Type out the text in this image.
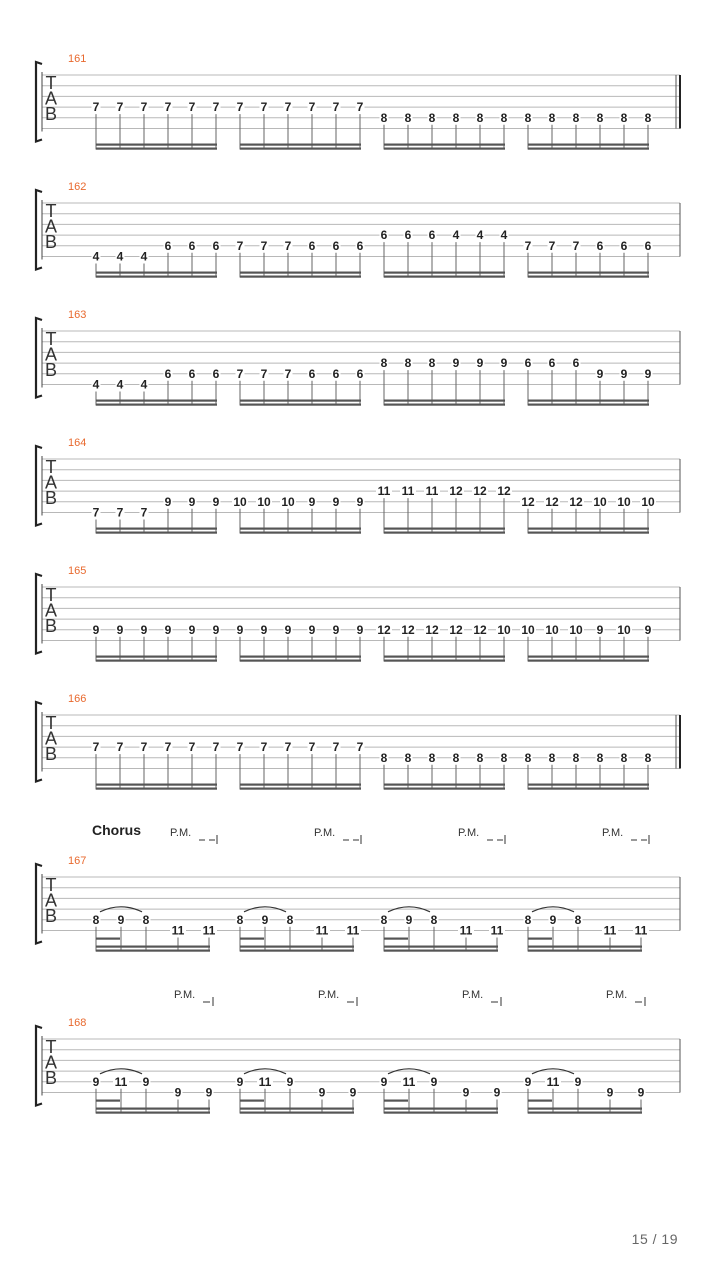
161
T
A
B	7 7 7 7 7 7 7 7 7 7 7 7
8 8 8 8 8 8 8 8 8 8 8 8
162
T
A
B
4 4 4
6 6 6 7 7 7 6 6 6
6 6 6 4 4 4
7 7 7 6 6 6
163
T
A
B
4 4 4
6 6 6 7 7 7 6 6 6
8 8 8 9 9 9 6 6 6
9 9 9
164
T
A
B
7 7 7
9 9 9 10 10 10 9 9 9
11 11 11 12 12 12
12 12 12 10 10 10
165
T
A
B	9 9 9 9 9 9 9 9 9 9 9 9 12 12 12 12 12 10 10 10 10 9 10 9
166
T
A
B	7 7 7 7 7 7 7 7 7 7 7 7
8 8 8 8 8 8 8 8 8 8 8 8
167
T
A
B
Chorus
8 9 8
11 11
P.M.
8 9 8
11 11
P.M.
8 9 8
11 11
P.M.
8 9 8
11 11
P.M.
168
T
A
B	9 11 9
9 9
P.M.
9 11 9
9 9
P.M.
9 11 9
9 9
P.M.
9 11 9
9 9
P.M.
15 / 19
